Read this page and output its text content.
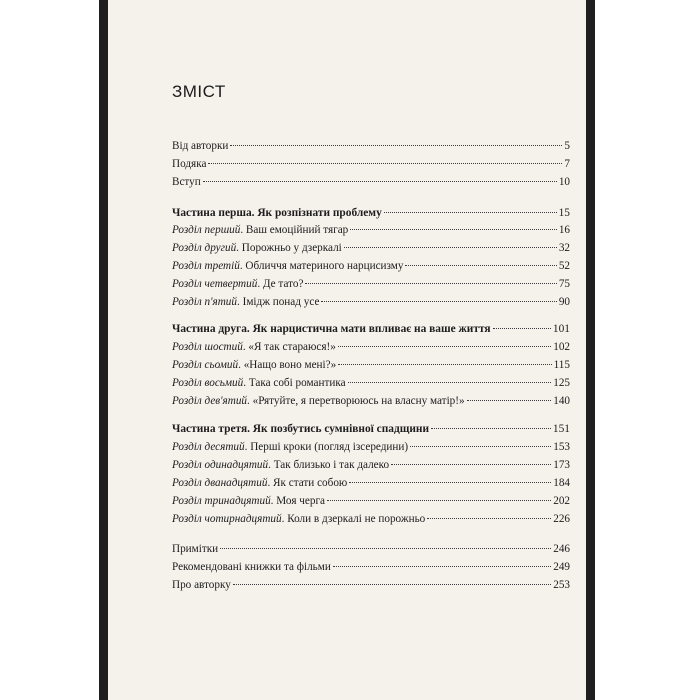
ЗМІСТ
Від авторки	5
Подяка	7
Вступ	10
Частина перша. Як розпізнати проблему	15
Розділ перший. Ваш емоційний тягар	16
Розділ другий. Порожньо у дзеркалі	32
Розділ третій. Обличчя материного нарцисизму	52
Розділ четвертий. Де тато?	75
Розділ п'ятий. Імідж понад усе	90
Частина друга. Як нарцистична мати впливає на ваше життя	101
Розділ шостий. «Я так стараюся!»	102
Розділ сьомий. «Нащо воно мені?»	115
Розділ восьмий. Така собі романтика	125
Розділ дев'ятий. «Рятуйте, я перетворююсь на власну матір!»	140
Частина третя. Як позбутись сумнівної спадщини	151
Розділ десятий. Перші кроки (погляд ізсередини)	153
Розділ одинадцятий. Так близько і так далеко	173
Розділ дванадцятий. Як стати собою	184
Розділ тринадцятий. Моя черга	202
Розділ чотирнадцятий. Коли в дзеркалі не порожньо	226
Примітки	246
Рекомендовані книжки та фільми	249
Про авторку	253
